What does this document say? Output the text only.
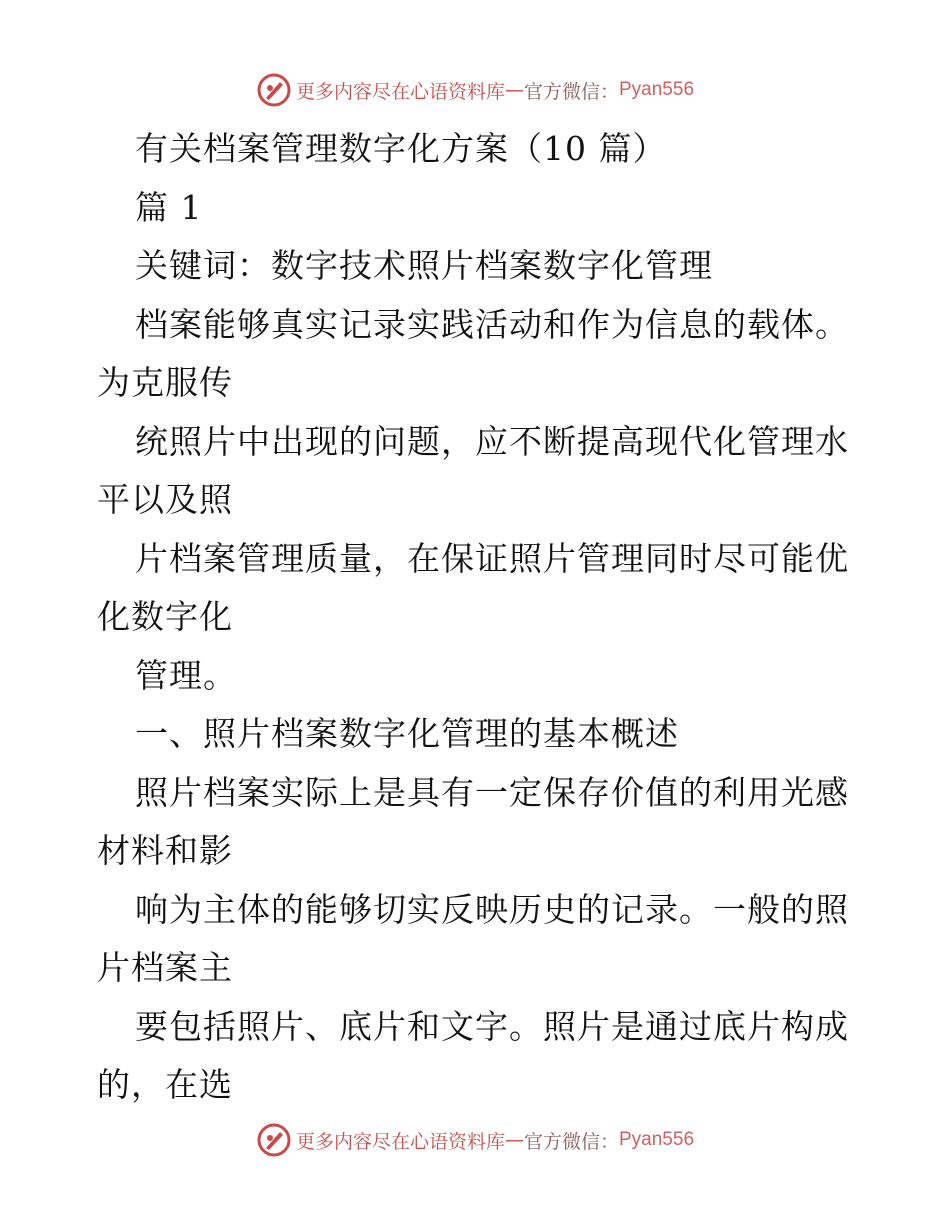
更多内容尽在心语资料库 — 官方微信： Pyan556
有关档案管理数字化方案（10 篇）
篇 1
关键词：数字技术照片档案数字化管理
档案能够真实记录实践活动和作为信息的载体。
为克服传
统照片中出现的问题，应不断提高现代化管理水
平以及照
片档案管理质量，在保证照片管理同时尽可能优
化数字化
管理。
一、照片档案数字化管理的基本概述
照片档案实际上是具有一定保存价值的利用光感
材料和影
响为主体的能够切实反映历史的记录。一般的照
片档案主
要包括照片、底片和文字。照片是通过底片构成
的，在选
更多内容尽在心语资料库 — 官方微信： Pyan556
